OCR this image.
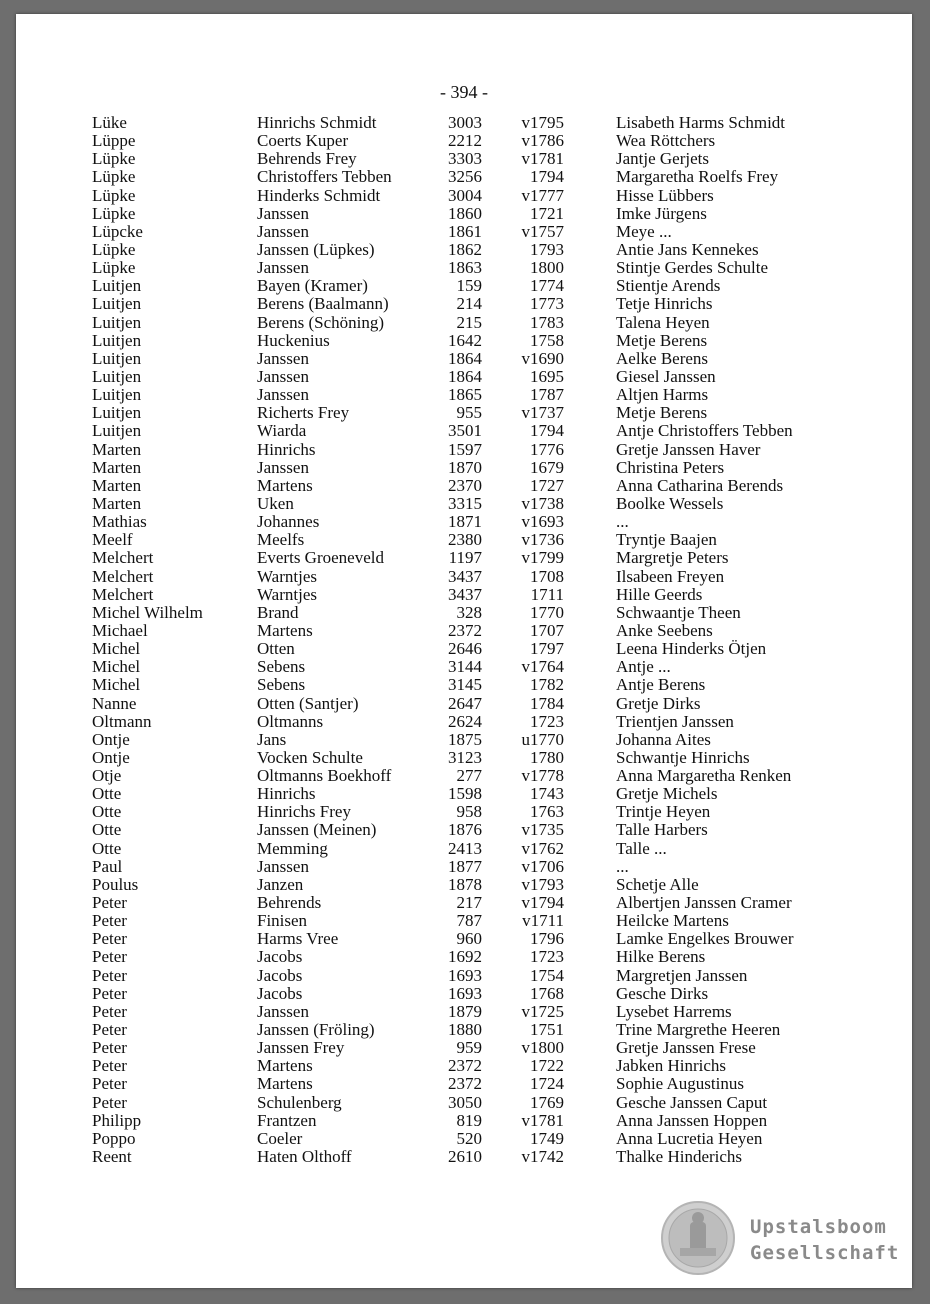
- 394 -
Lüke	Hinrichs Schmidt	3003	v1795	Lisabeth Harms Schmidt
Lüppe	Coerts Kuper	2212	v1786	Wea Röttchers
Lüpke	Behrends Frey	3303	v1781	Jantje Gerjets
Lüpke	Christoffers Tebben	3256	1794	Margaretha Roelfs Frey
Lüpke	Hinderks Schmidt	3004	v1777	Hisse Lübbers
Lüpke	Janssen	1860	1721	Imke Jürgens
Lüpcke	Janssen	1861	v1757	Meye ...
Lüpke	Janssen (Lüpkes)	1862	1793	Antie Jans Kennekes
Lüpke	Janssen	1863	1800	Stintje Gerdes Schulte
Luitjen	Bayen (Kramer)	159	1774	Stientje Arends
Luitjen	Berens (Baalmann)	214	1773	Tetje Hinrichs
Luitjen	Berens (Schöning)	215	1783	Talena Heyen
Luitjen	Huckenius	1642	1758	Metje Berens
Luitjen	Janssen	1864	v1690	Aelke Berens
Luitjen	Janssen	1864	1695	Giesel Janssen
Luitjen	Janssen	1865	1787	Altjen Harms
Luitjen	Richerts Frey	955	v1737	Metje Berens
Luitjen	Wiarda	3501	1794	Antje Christoffers Tebben
Marten	Hinrichs	1597	1776	Gretje Janssen Haver
Marten	Janssen	1870	1679	Christina Peters
Marten	Martens	2370	1727	Anna Catharina Berends
Marten	Uken	3315	v1738	Boolke Wessels
Mathias	Johannes	1871	v1693	...
Meelf	Meelfs	2380	v1736	Tryntje Baajen
Melchert	Everts Groeneveld	1197	v1799	Margretje Peters
Melchert	Warntjes	3437	1708	Ilsabeen Freyen
Melchert	Warntjes	3437	1711	Hille Geerds
Michel Wilhelm	Brand	328	1770	Schwaantje Theen
Michael	Martens	2372	1707	Anke Seebens
Michel	Otten	2646	1797	Leena Hinderks Ötjen
Michel	Sebens	3144	v1764	Antje ...
Michel	Sebens	3145	1782	Antje Berens
Nanne	Otten (Santjer)	2647	1784	Gretje Dirks
Oltmann	Oltmanns	2624	1723	Trientjen Janssen
Ontje	Jans	1875	u1770	Johanna Aites
Ontje	Vocken Schulte	3123	1780	Schwantje Hinrichs
Otje	Oltmanns Boekhoff	277	v1778	Anna Margaretha Renken
Otte	Hinrichs	1598	1743	Gretje Michels
Otte	Hinrichs Frey	958	1763	Trintje Heyen
Otte	Janssen (Meinen)	1876	v1735	Talle Harbers
Otte	Memming	2413	v1762	Talle ...
Paul	Janssen	1877	v1706	...
Poulus	Janzen	1878	v1793	Schetje Alle
Peter	Behrends	217	v1794	Albertjen Janssen Cramer
Peter	Finisen	787	v1711	Heilcke Martens
Peter	Harms Vree	960	1796	Lamke Engelkes Brouwer
Peter	Jacobs	1692	1723	Hilke Berens
Peter	Jacobs	1693	1754	Margretjen Janssen
Peter	Jacobs	1693	1768	Gesche Dirks
Peter	Janssen	1879	v1725	Lysebet Harrems
Peter	Janssen (Fröling)	1880	1751	Trine Margrethe Heeren
Peter	Janssen Frey	959	v1800	Gretje Janssen Frese
Peter	Martens	2372	1722	Jabken Hinrichs
Peter	Martens	2372	1724	Sophie Augustinus
Peter	Schulenberg	3050	1769	Gesche Janssen Caput
Philipp	Frantzen	819	v1781	Anna Janssen Hoppen
Poppo	Coeler	520	1749	Anna Lucretia Heyen
Reent	Haten Olthoff	2610	v1742	Thalke Hinderichs
Upstalsboom
Gesellschaft
